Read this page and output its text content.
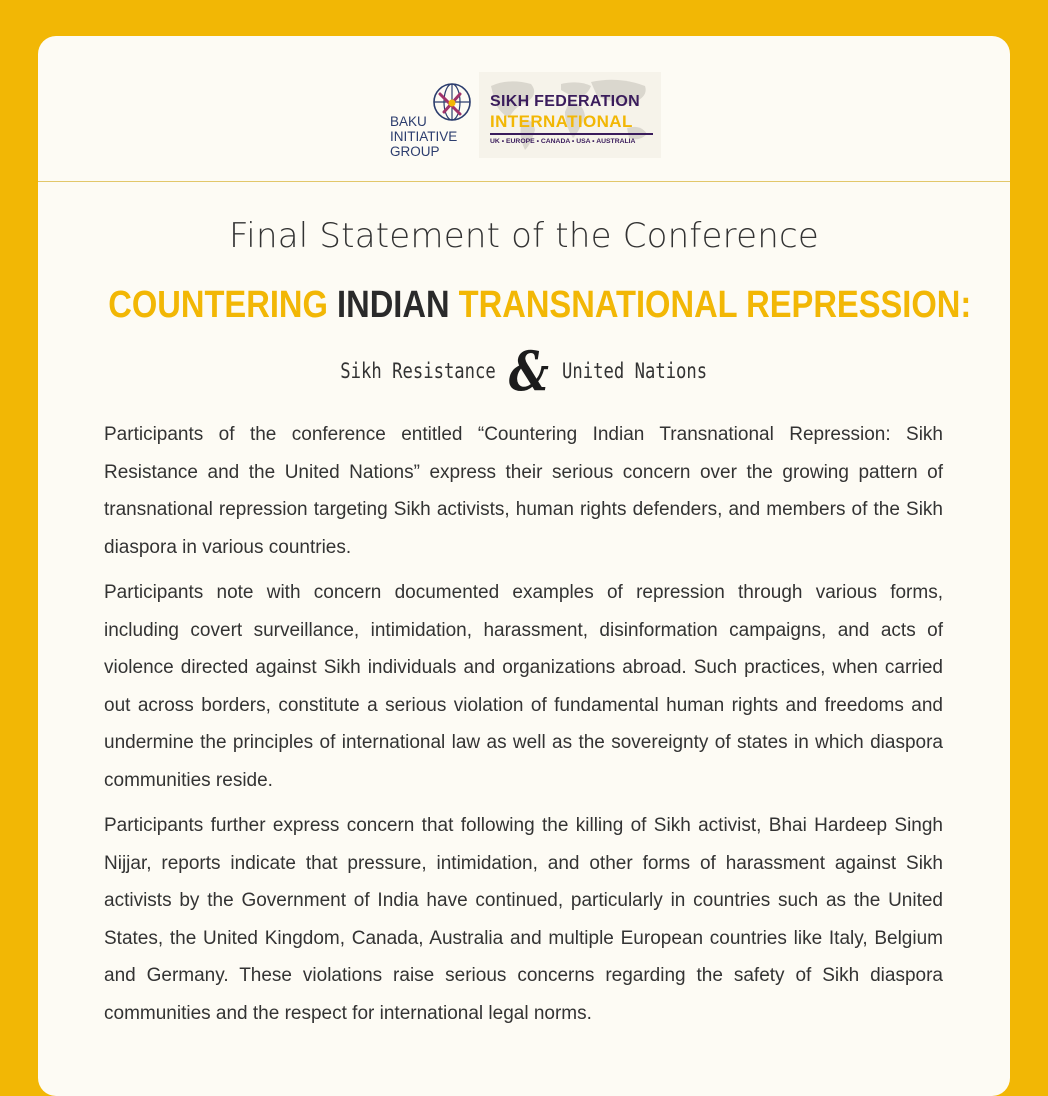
BAKU
INITIATIVE
GROUP
SIKH FEDERATION
INTERNATIONAL
UK • EUROPE • CANADA • USA • AUSTRALIA
Final Statement of the Conference
COUNTERING INDIAN TRANSNATIONAL REPRESSION:
Sikh Resistance & United Nations

Participants of the conference entitled “Countering Indian Transnational Repression: Sikh Resistance and the United Nations” express their serious concern over the growing pattern of transnational repression targeting Sikh activists, human rights defenders, and members of the Sikh diaspora in various countries.

Participants note with concern documented examples of repression through various forms, including covert surveillance, intimidation, harassment, disinformation campaigns, and acts of violence directed against Sikh individuals and organizations abroad. Such practices, when carried out across borders, constitute a serious violation of fundamental human rights and freedoms and undermine the principles of international law as well as the sovereignty of states in which diaspora communities reside.

Participants further express concern that following the killing of Sikh activist, Bhai Hardeep Singh Nijjar, reports indicate that pressure, intimidation, and other forms of harassment against Sikh activists by the Government of India have continued, particularly in countries such as the United States, the United Kingdom, Canada, Australia and multiple European countries like Italy, Belgium and Germany. These violations raise serious concerns regarding the safety of Sikh diaspora communities and the respect for international legal norms.
